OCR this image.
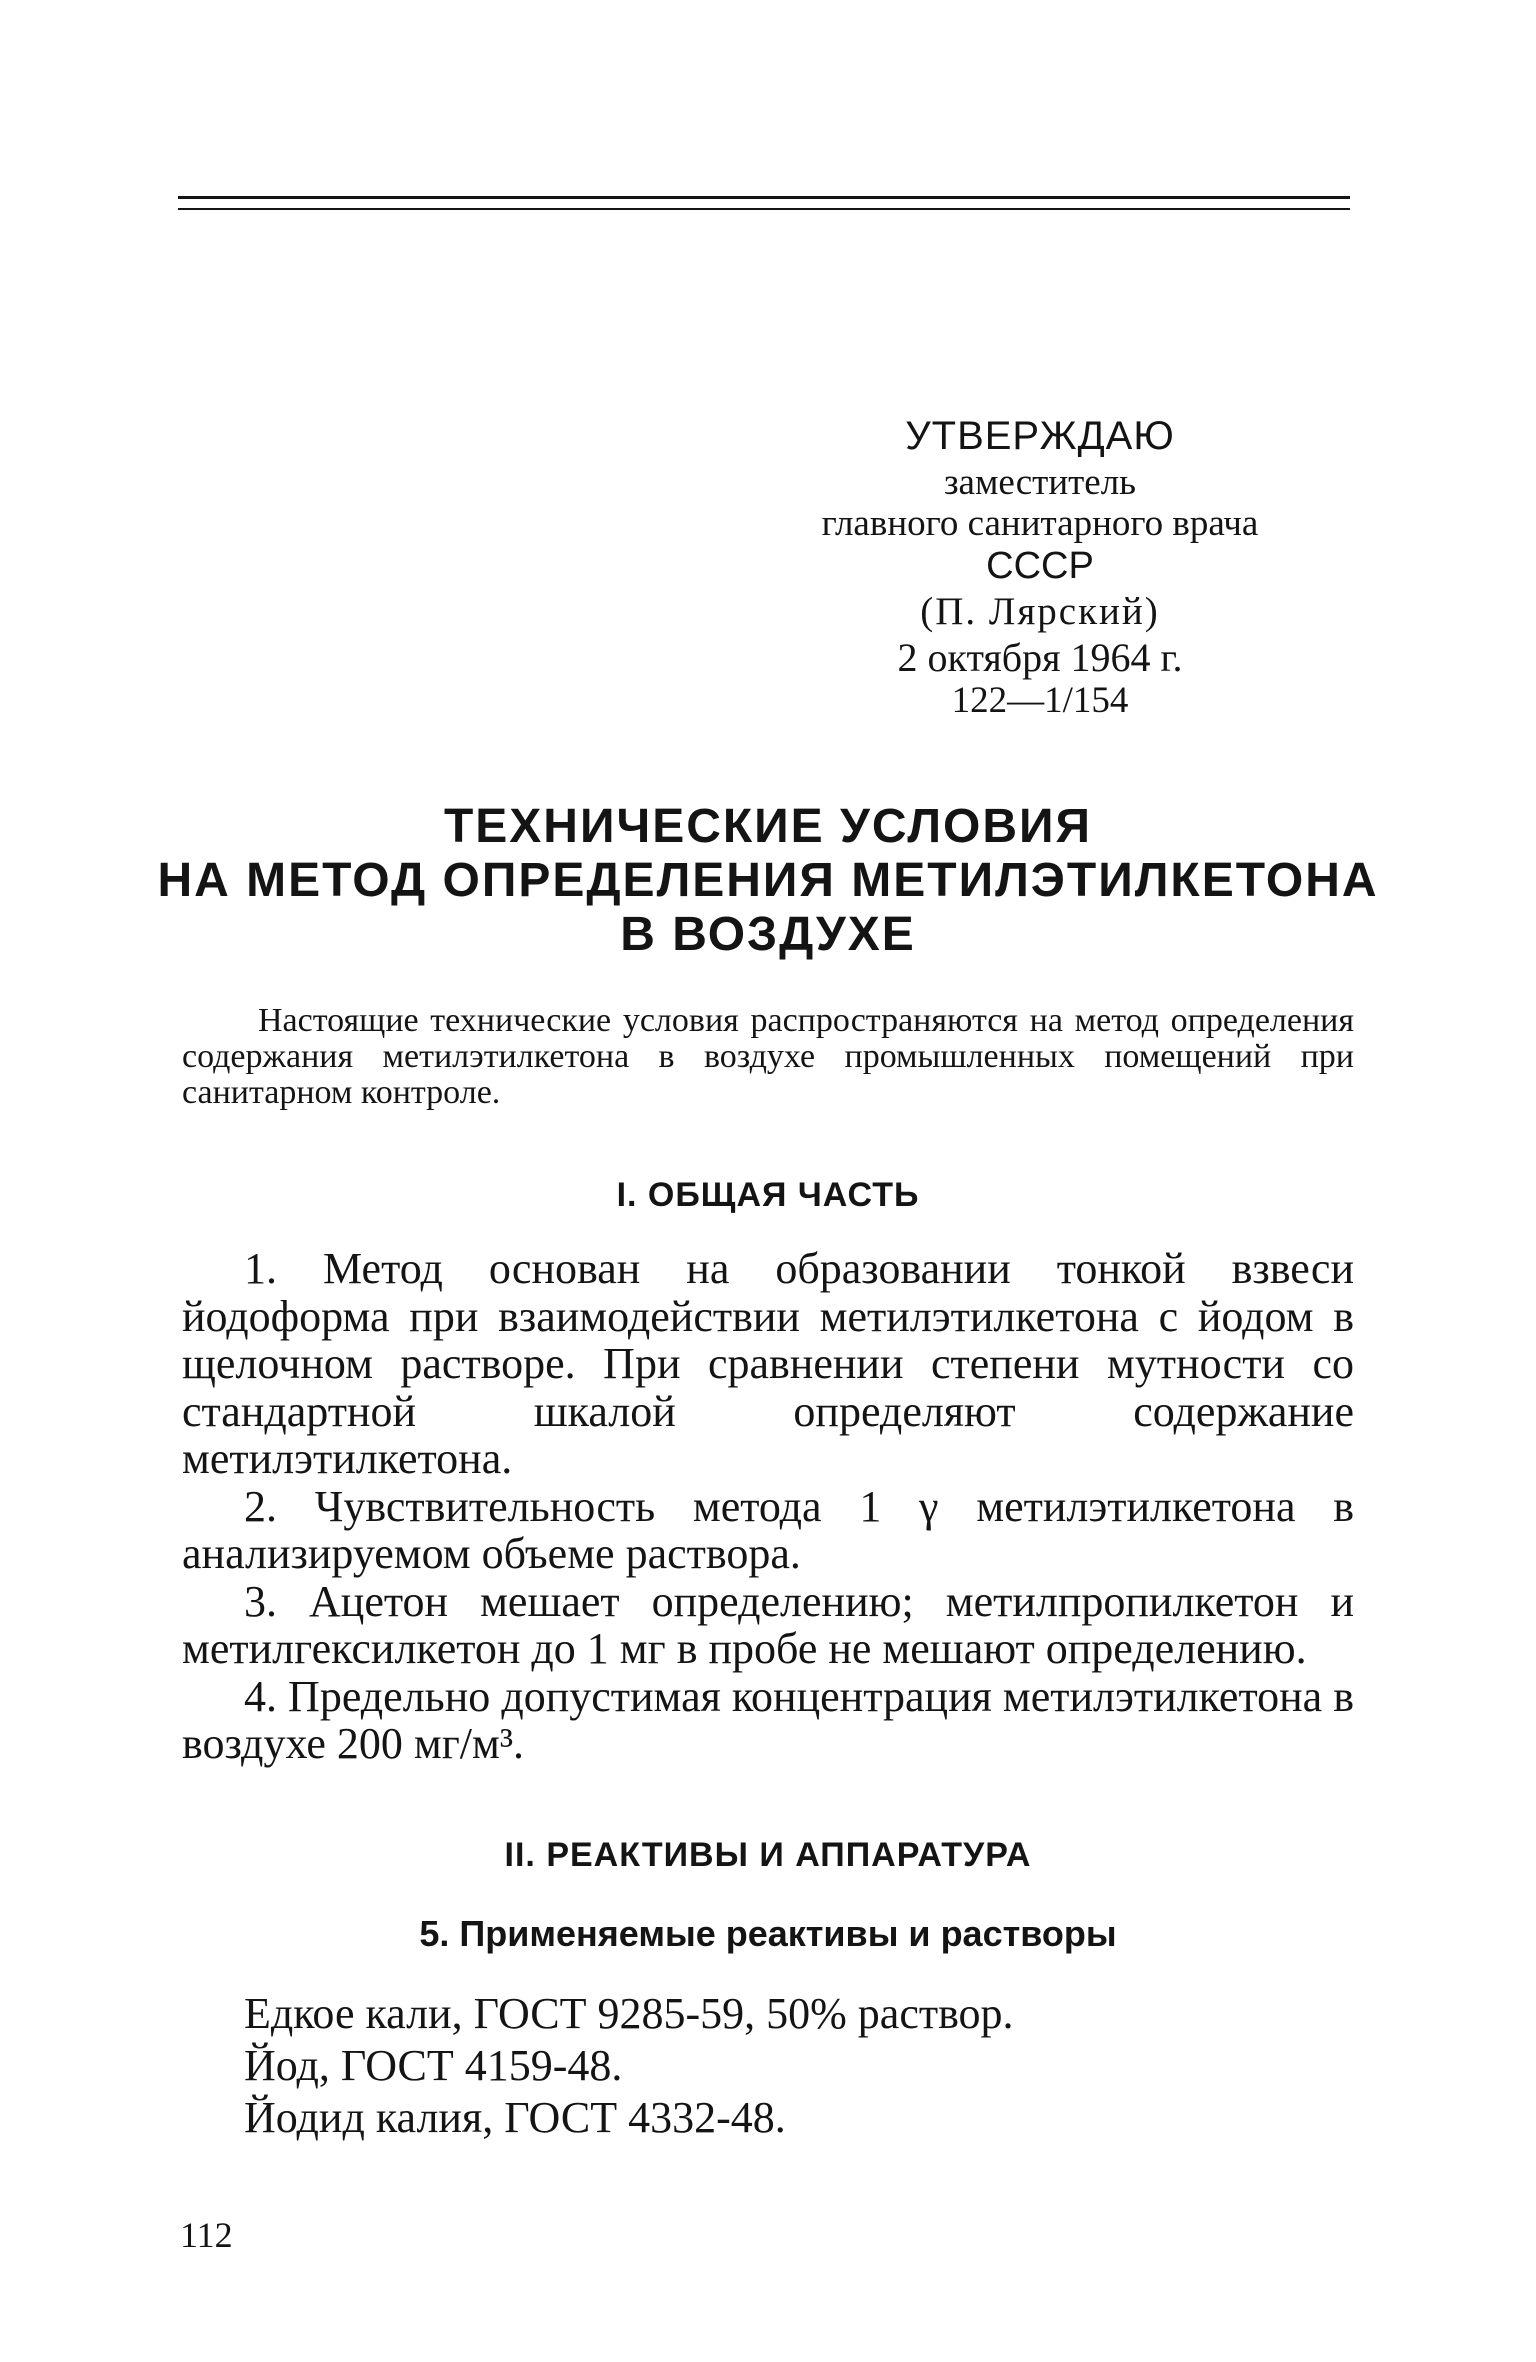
УТВЕРЖДАЮ
заместитель
главного санитарного врача
СССР
(П. Лярский)
2 октября 1964 г.
122—1/154
ТЕХНИЧЕСКИЕ УСЛОВИЯ
НА МЕТОД ОПРЕДЕЛЕНИЯ МЕТИЛЭТИЛКЕТОНА
В ВОЗДУХЕ

Настоящие технические условия распространяются на метод определения содержания метилэтилкетона в воздухе промышленных помещений при санитарном контроле.

I. ОБЩАЯ ЧАСТЬ

1. Метод основан на образовании тонкой взвеси йодоформа при взаимодействии метилэтилкетона с йодом в щелочном растворе. При сравнении степени мутности со стандартной шкалой определяют содержание метилэтилкетона.

2. Чувствительность метода 1 γ метилэтилкетона в анализируемом объеме раствора.

3. Ацетон мешает определению; метилпропилкетон и метилгексилкетон до 1 мг в пробе не мешают определению.

4. Предельно допустимая концентрация метилэтилкетона в воздухе 200 мг/м³.

II. РЕАКТИВЫ И АППАРАТУРА
5. Применяемые реактивы и растворы
Едкое кали, ГОСТ 9285-59, 50% раствор.
Йод, ГОСТ 4159-48.
Йодид калия, ГОСТ 4332-48.
112
